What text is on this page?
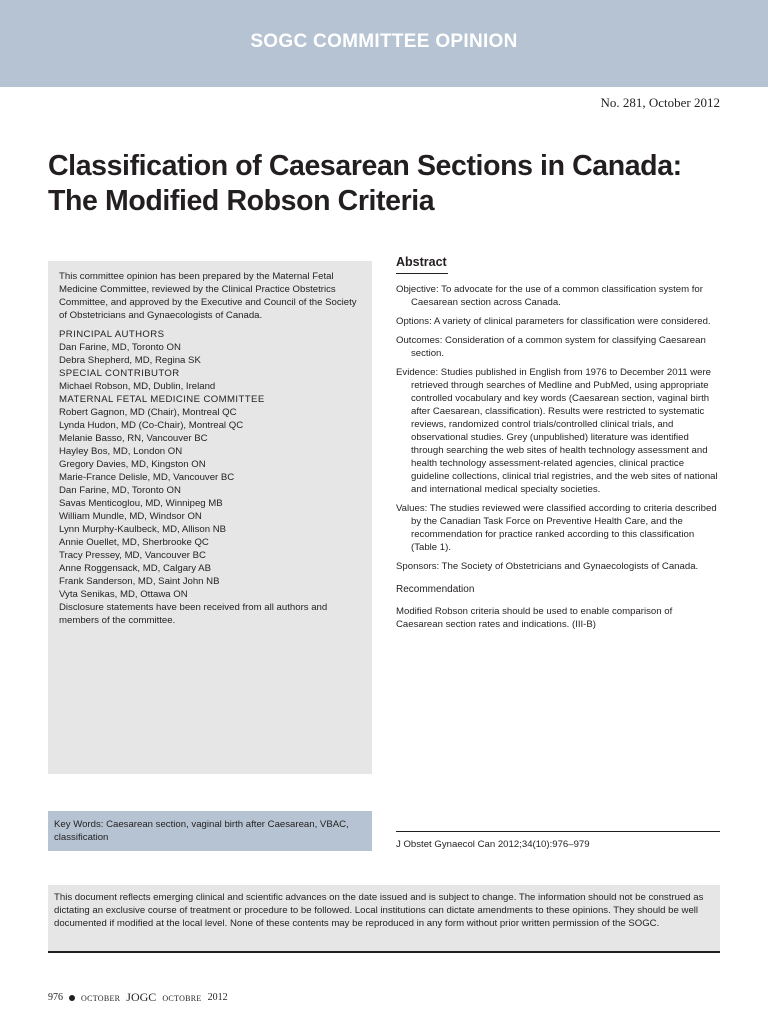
SOGC COMMITTEE OPINION
No. 281, October 2012
Classification of Caesarean Sections in Canada:
The Modified Robson Criteria

This committee opinion has been prepared by the Maternal Fetal Medicine Committee, reviewed by the Clinical Practice Obstetrics Committee, and approved by the Executive and Council of the Society of Obstetricians and Gynaecologists of Canada.

PRINCIPAL AUTHORS

Dan Farine, MD, Toronto ON

Debra Shepherd, MD, Regina SK

SPECIAL CONTRIBUTOR

Michael Robson, MD, Dublin, Ireland

MATERNAL FETAL MEDICINE COMMITTEE

Robert Gagnon, MD (Chair), Montreal QC

Lynda Hudon, MD (Co-Chair), Montreal QC

Melanie Basso, RN, Vancouver BC

Hayley Bos, MD, London ON

Gregory Davies, MD, Kingston ON

Marie-France Delisle, MD, Vancouver BC

Dan Farine, MD, Toronto ON

Savas Menticoglou, MD, Winnipeg MB

William Mundle, MD, Windsor ON

Lynn Murphy-Kaulbeck, MD, Allison NB

Annie Ouellet, MD, Sherbrooke QC

Tracy Pressey, MD, Vancouver BC

Anne Roggensack, MD, Calgary AB

Frank Sanderson, MD, Saint John NB

Vyta Senikas, MD, Ottawa ON

Disclosure statements have been received from all authors and members of the committee.

Key Words: Caesarean section, vaginal birth after Caesarean, VBAC, classification

Abstract

Objective: To advocate for the use of a common classification system for Caesarean section across Canada.

Options: A variety of clinical parameters for classification were considered.

Outcomes: Consideration of a common system for classifying Caesarean section.

Evidence: Studies published in English from 1976 to December 2011 were retrieved through searches of Medline and PubMed, using appropriate controlled vocabulary and key words (Caesarean section, vaginal birth after Caesarean, classification). Results were restricted to systematic reviews, randomized control trials/controlled clinical trials, and observational studies. Grey (unpublished) literature was identified through searching the web sites of health technology assessment and health technology assessment-related agencies, clinical practice guideline collections, clinical trial registries, and the web sites of national and international medical specialty societies.

Values: The studies reviewed were classified according to criteria described by the Canadian Task Force on Preventive Health Care, and the recommendation for practice ranked according to this classification (Table 1).

Sponsors: The Society of Obstetricians and Gynaecologists of Canada.

Recommendation

Modified Robson criteria should be used to enable comparison of Caesarean section rates and indications. (III-B)

J Obstet Gynaecol Can 2012;34(10):976–979
This document reflects emerging clinical and scientific advances on the date issued and is subject to change. The information should not be construed as dictating an exclusive course of treatment or procedure to be followed. Local institutions can dictate amendments to these opinions. They should be well documented if modified at the local level. None of these contents may be reproduced in any form without prior written permission of the SOGC.
976 october JOGC octobre 2012
